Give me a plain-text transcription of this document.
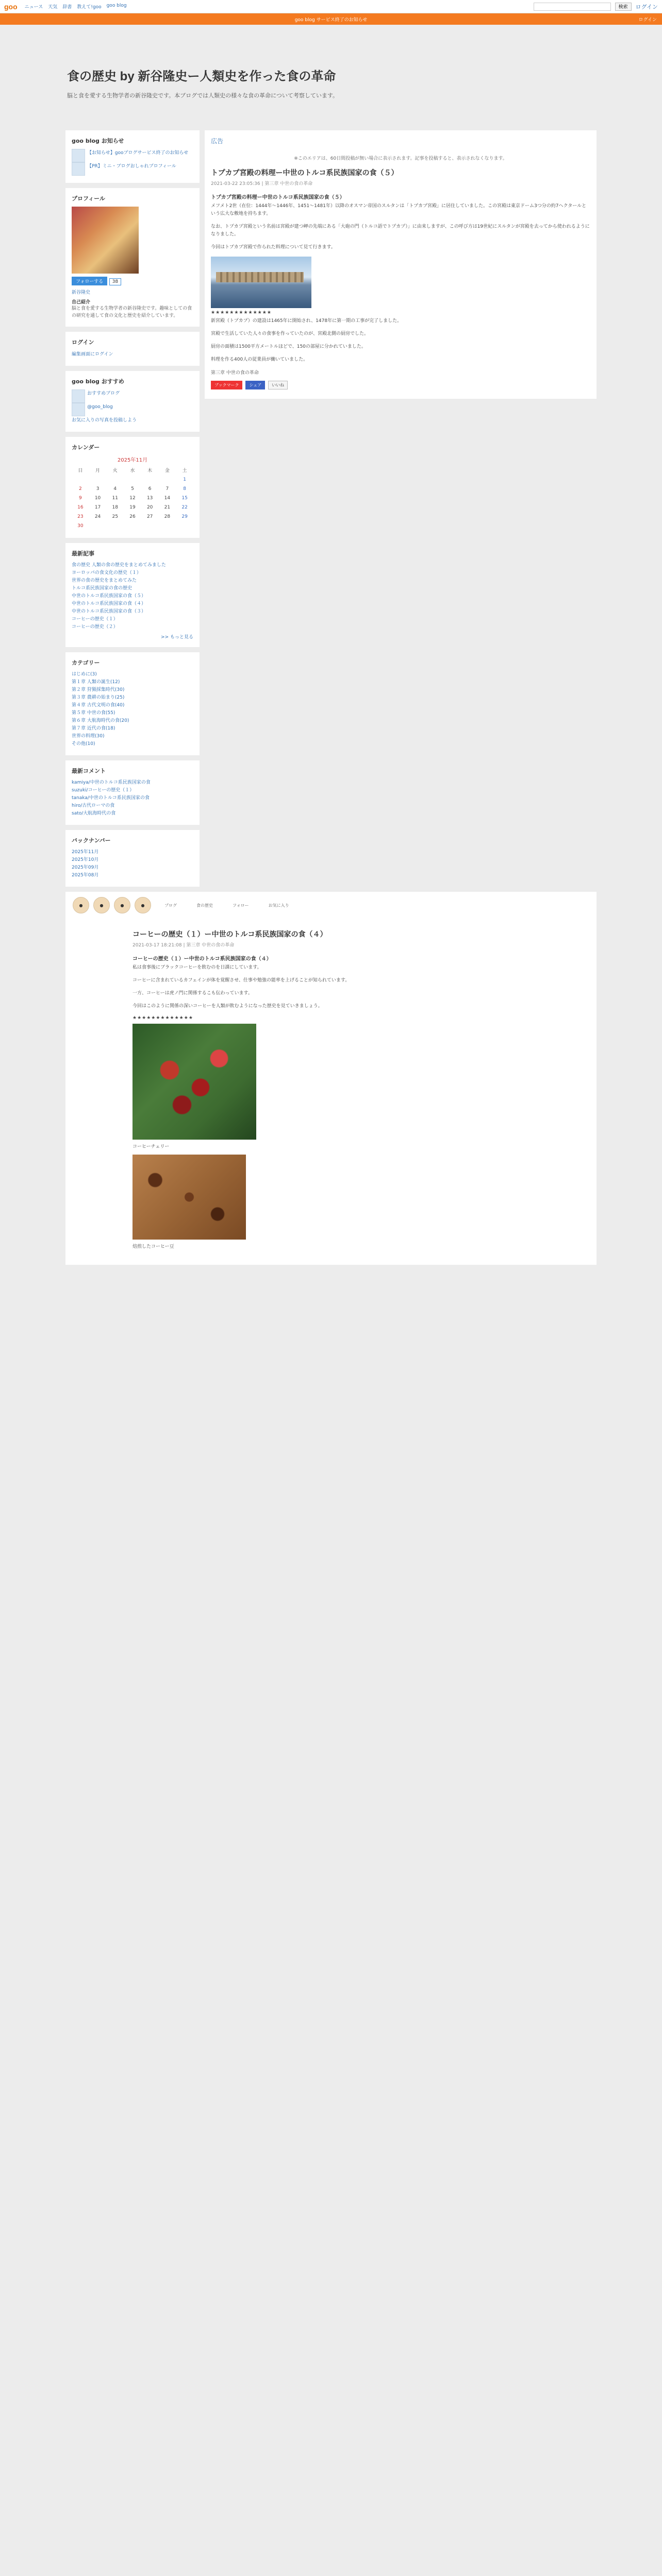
goo ニュース 天気 辞書 教えて!goo goo blog	検索	ログイン
goo blog サービス終了のお知らせ	ログイン
食の歴史 by 新谷隆史ー人類史を作った食の革命

脳と食を愛する生物学者の新谷隆史です。本ブログでは人類史の様々な食の革命について考察しています。

goo blog お知らせ
【お知らせ】gooブログサービス終了のお知らせ
【PR】ミニ・ブログおしゃれプロフィール
プロフィール
フォローする 38

新谷隆史

自己紹介

脳と食を愛する生物学者の新谷隆史です。趣味としての食の研究を通して食の文化と歴史を紹介しています。

ログイン
編集画面にログイン
goo blog おすすめ
おすすめブログ
@goo_blog
お気に入りの写真を投稿しよう
カレンダー
2025年11月
日	月	火	水	木	金	土
						1
2	3	4	5	6	7	8
9	10	11	12	13	14	15
16	17	18	19	20	21	22
23	24	25	26	27	28	29
30						
最新記事
食の歴史 人類の食の歴史をまとめてみました
ヨーロッパの食文化の歴史（１）
世界の食の歴史をまとめてみた
トルコ系民族国家の食の歴史
中世のトルコ系民族国家の食（５）
中世のトルコ系民族国家の食（４）
中世のトルコ系民族国家の食（３）
コーヒーの歴史（１）
コーヒーの歴史（２）
>> もっと見る
カテゴリー
はじめに(3)
第１章 人類の誕生(12)
第２章 狩猟採集時代(30)
第３章 農耕の始まり(25)
第４章 古代文明の食(40)
第５章 中世の食(55)
第６章 大航海時代の食(20)
第７章 近代の食(18)
世界の料理(30)
その他(10)
最新コメント
kamiya/中世のトルコ系民族国家の食
suzuki/コーヒーの歴史（１）
tanaka/中世のトルコ系民族国家の食
hiro/古代ローマの食
sato/大航海時代の食
バックナンバー
2025年11月
2025年10月
2025年09月
2025年08月
広告
※このエリアは、60日間投稿が無い場合に表示されます。記事を投稿すると、表示されなくなります。
トプカプ宮殿の料理ー中世のトルコ系民族国家の食（５）
2021-03-22 23:05:36 | 第三章 中世の食の革命
トプカプ宮殿の料理ー中世のトルコ系民族国家の食（５）

メフメト2世（在位：1444年〜1446年、1451〜1481年）以降のオスマン帝国のスルタンは「トプカプ宮殿」に居住していました。この宮殿は東京ドーム3つ分の約7ヘクタールという広大な敷地を持ちます。

なお、トプカプ宮殿という名前は宮殿が建つ岬の先端にある「大砲の門（トルコ語でトプカプ）」に由来しますが、この呼び方は19世紀にスルタンが宮殿を去ってから使われるようになりました。

今回はトプカプ宮殿で作られた料理について見て行きます。

★★★★★★★★★★★★★

新宮殿（トプカプ）の建設は1465年に開始され、1478年に第一期の工事が完了しました。

宮殿で生活していた人々の食事を作っていたのが、宮殿北側の厨房でした。

厨房の面積は1500平方メートルほどで、150の部屋に分かれていました。

料理を作る400人の従業員が働いていました。

第三章 中世の食の革命
ブックマーク	シェア	いいね
●	●	●	●	ブログ	食の歴史	フォロー	お気に入り
コーヒーの歴史（１）ー中世のトルコ系民族国家の食（４）
2021-03-17 18:21:08 | 第三章 中世の食の革命
コーヒーの歴史（１）ー中世のトルコ系民族国家の食（４）

私は食事後にブラックコーヒーを飲むのを日課にしています。

コーヒーに含まれているカフェインが体を覚醒させ、仕事や勉強の能率を上げることが知られています。

一方、コーヒーは虎ノ門に関係するこも伝わっています。

今回はこのように関係の深いコーヒーを人類が飲むようになった歴史を見ていきましょう。

★★★★★★★★★★★★★
コーヒーチェリー
焙煎したコーヒー豆
